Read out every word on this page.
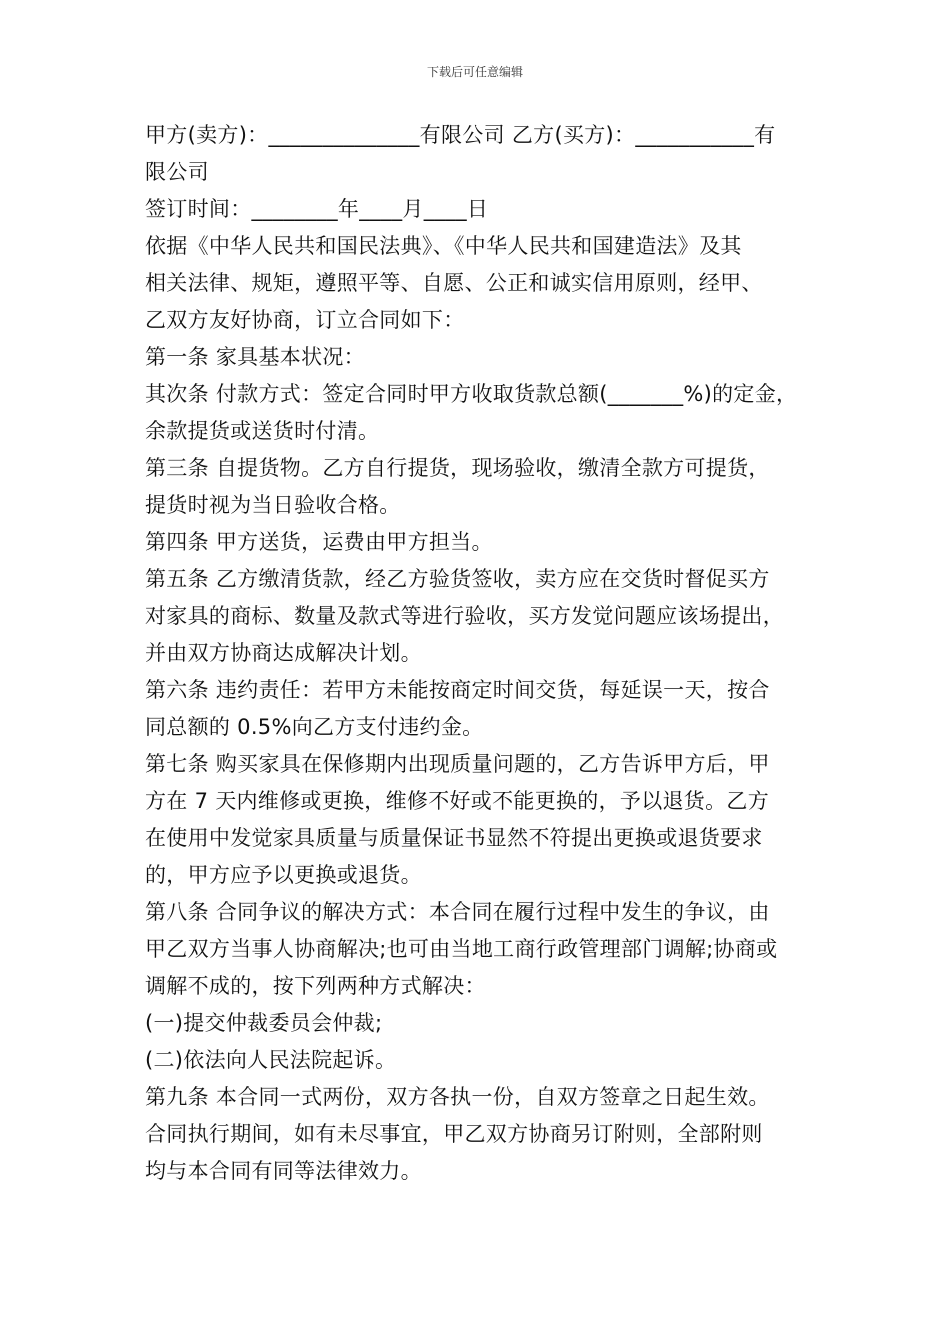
下载后可任意编辑
甲方(卖方)：______________有限公司 乙方(买方)：___________有
限公司
签订时间：________年____月____日
依据《中华人民共和国民法典》、《中华人民共和国建造法》及其
相关法律、规矩，遵照平等、自愿、公正和诚实信用原则，经甲、
乙双方友好协商，订立合同如下：
第一条 家具基本状况：
其次条 付款方式：签定合同时甲方收取货款总额(_______%)的定金，
余款提货或送货时付清。
第三条 自提货物。乙方自行提货，现场验收，缴清全款方可提货，
提货时视为当日验收合格。
第四条 甲方送货，运费由甲方担当。
第五条 乙方缴清货款，经乙方验货签收，卖方应在交货时督促买方
对家具的商标、数量及款式等进行验收，买方发觉问题应该场提出，
并由双方协商达成解决计划。
第六条 违约责任：若甲方未能按商定时间交货，每延误一天，按合
同总额的 0.5%向乙方支付违约金。
第七条 购买家具在保修期内出现质量问题的，乙方告诉甲方后，甲
方在 7 天内维修或更换，维修不好或不能更换的，予以退货。乙方
在使用中发觉家具质量与质量保证书显然不符提出更换或退货要求
的，甲方应予以更换或退货。
第八条 合同争议的解决方式：本合同在履行过程中发生的争议，由
甲乙双方当事人协商解决;也可由当地工商行政管理部门调解;协商或
调解不成的，按下列两种方式解决：
(一)提交仲裁委员会仲裁;
(二)依法向人民法院起诉。
第九条 本合同一式两份，双方各执一份，自双方签章之日起生效。
合同执行期间，如有未尽事宜，甲乙双方协商另订附则，全部附则
均与本合同有同等法律效力。
